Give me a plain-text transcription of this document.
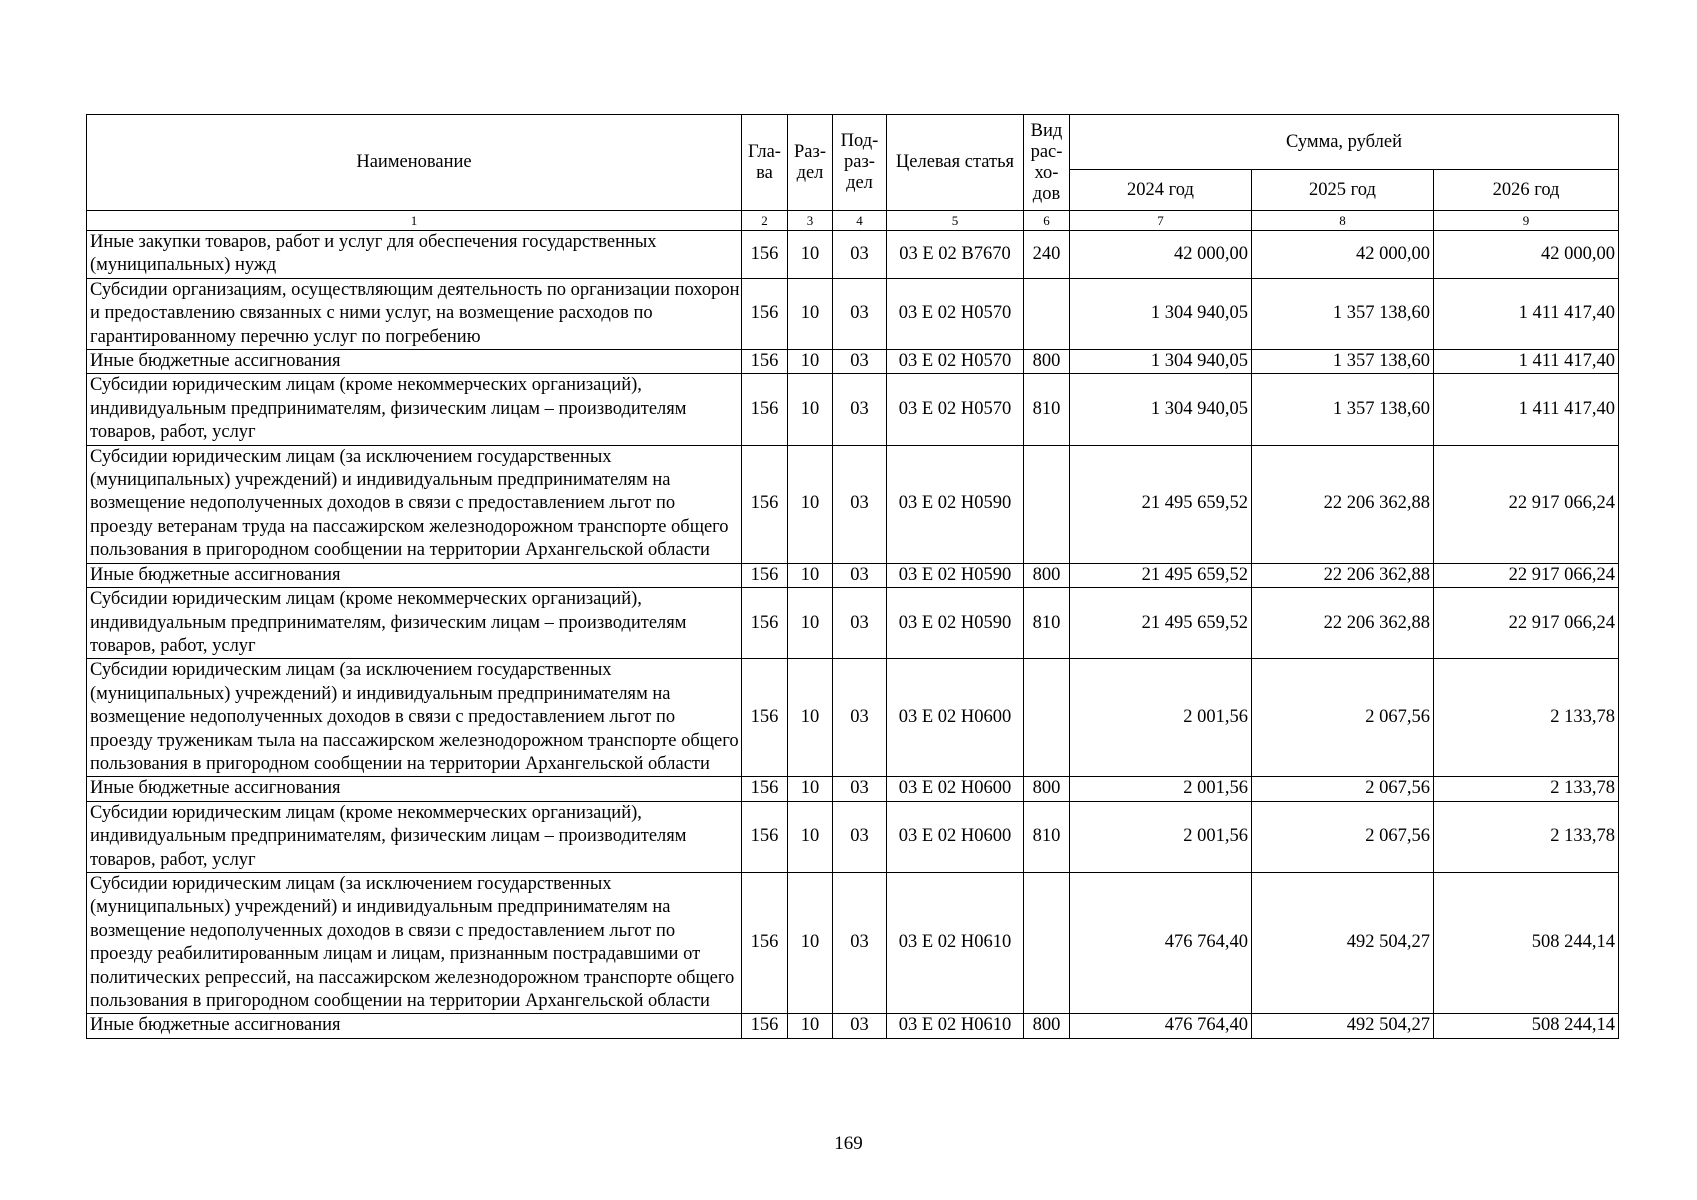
Наименование	Гла-ва	Раз-дел	Под-раз-дел	Целевая статья	Вид рас-хо-дов	Сумма, рублей		
						2024 год	2025 год	2026 год
1	2	3	4	5	6	7	8	9
Иные закупки товаров, работ и услуг для обеспечения государственных (муниципальных) нужд	156	10	03	03 Е 02 В7670	240	42 000,00	42 000,00	42 000,00
Субсидии организациям, осуществляющим деятельность по организации похорон и предоставлению связанных с ними услуг, на возмещение расходов по гарантированному перечню услуг по погребению	156	10	03	03 Е 02 Н0570		1 304 940,05	1 357 138,60	1 411 417,40
Иные бюджетные ассигнования	156	10	03	03 Е 02 Н0570	800	1 304 940,05	1 357 138,60	1 411 417,40
Субсидии юридическим лицам (кроме некоммерческих организаций), индивидуальным предпринимателям, физическим лицам – производителям товаров, работ, услуг	156	10	03	03 Е 02 Н0570	810	1 304 940,05	1 357 138,60	1 411 417,40
Субсидии юридическим лицам (за исключением государственных (муниципальных) учреждений) и индивидуальным предпринимателям на возмещение недополученных доходов в связи с предоставлением льгот по проезду ветеранам труда на пассажирском железнодорожном транспорте общего пользования в пригородном сообщении на территории Архангельской области	156	10	03	03 Е 02 Н0590		21 495 659,52	22 206 362,88	22 917 066,24
Иные бюджетные ассигнования	156	10	03	03 Е 02 Н0590	800	21 495 659,52	22 206 362,88	22 917 066,24
Субсидии юридическим лицам (кроме некоммерческих организаций), индивидуальным предпринимателям, физическим лицам – производителям товаров, работ, услуг	156	10	03	03 Е 02 Н0590	810	21 495 659,52	22 206 362,88	22 917 066,24
Субсидии юридическим лицам (за исключением государственных (муниципальных) учреждений) и индивидуальным предпринимателям на возмещение недополученных доходов в связи с предоставлением льгот по проезду труженикам тыла на пассажирском железнодорожном транспорте общего пользования в пригородном сообщении на территории Архангельской области	156	10	03	03 Е 02 Н0600		2 001,56	2 067,56	2 133,78
Иные бюджетные ассигнования	156	10	03	03 Е 02 Н0600	800	2 001,56	2 067,56	2 133,78
Субсидии юридическим лицам (кроме некоммерческих организаций), индивидуальным предпринимателям, физическим лицам – производителям товаров, работ, услуг	156	10	03	03 Е 02 Н0600	810	2 001,56	2 067,56	2 133,78
Субсидии юридическим лицам (за исключением государственных (муниципальных) учреждений) и индивидуальным предпринимателям на возмещение недополученных доходов в связи с предоставлением льгот по проезду реабилитированным лицам и лицам, признанным пострадавшими от политических репрессий, на пассажирском железнодорожном транспорте общего пользования в пригородном сообщении на территории Архангельской области	156	10	03	03 Е 02 Н0610		476 764,40	492 504,27	508 244,14
Иные бюджетные ассигнования	156	10	03	03 Е 02 Н0610	800	476 764,40	492 504,27	508 244,14
169
